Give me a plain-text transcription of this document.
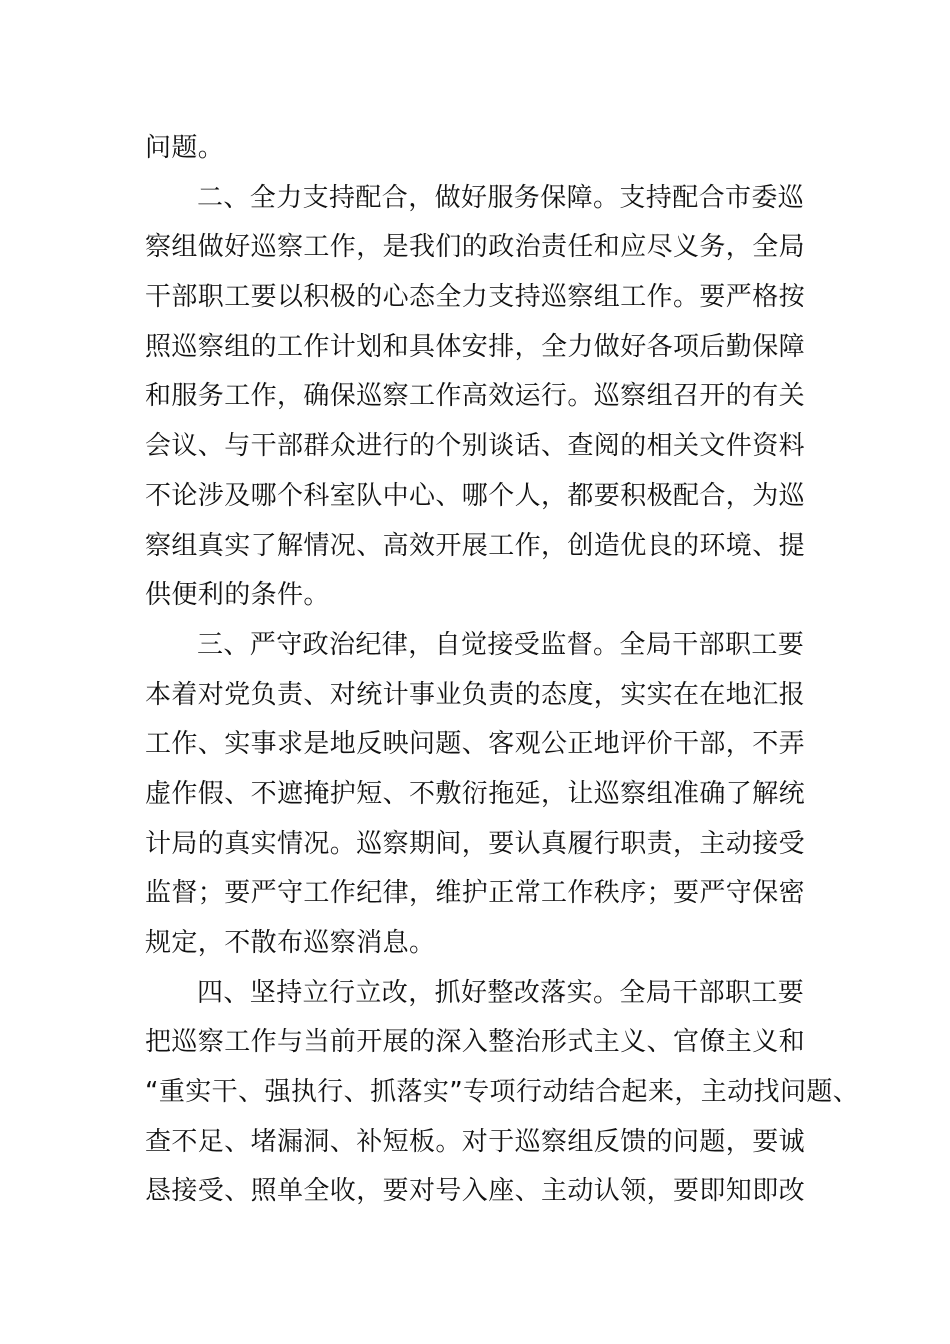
问题。
二、全力支持配合，做好服务保障。支持配合市委巡
察组做好巡察工作，是我们的政治责任和应尽义务，全局
干部职工要以积极的心态全力支持巡察组工作。要严格按
照巡察组的工作计划和具体安排，全力做好各项后勤保障
和服务工作，确保巡察工作高效运行。巡察组召开的有关
会议、与干部群众进行的个别谈话、查阅的相关文件资料
不论涉及哪个科室队中心、哪个人，都要积极配合，为巡
察组真实了解情况、高效开展工作，创造优良的环境、提
供便利的条件。
三、严守政治纪律，自觉接受监督。全局干部职工要
本着对党负责、对统计事业负责的态度，实实在在地汇报
工作、实事求是地反映问题、客观公正地评价干部，不弄
虚作假、不遮掩护短、不敷衍拖延，让巡察组准确了解统
计局的真实情况。巡察期间，要认真履行职责，主动接受
监督；要严守工作纪律，维护正常工作秩序；要严守保密
规定，不散布巡察消息。
四、坚持立行立改，抓好整改落实。全局干部职工要
把巡察工作与当前开展的深入整治形式主义、官僚主义和
“重实干、强执行、抓落实”专项行动结合起来，主动找问题、
查不足、堵漏洞、补短板。对于巡察组反馈的问题，要诚
恳接受、照单全收，要对号入座、主动认领，要即知即改
